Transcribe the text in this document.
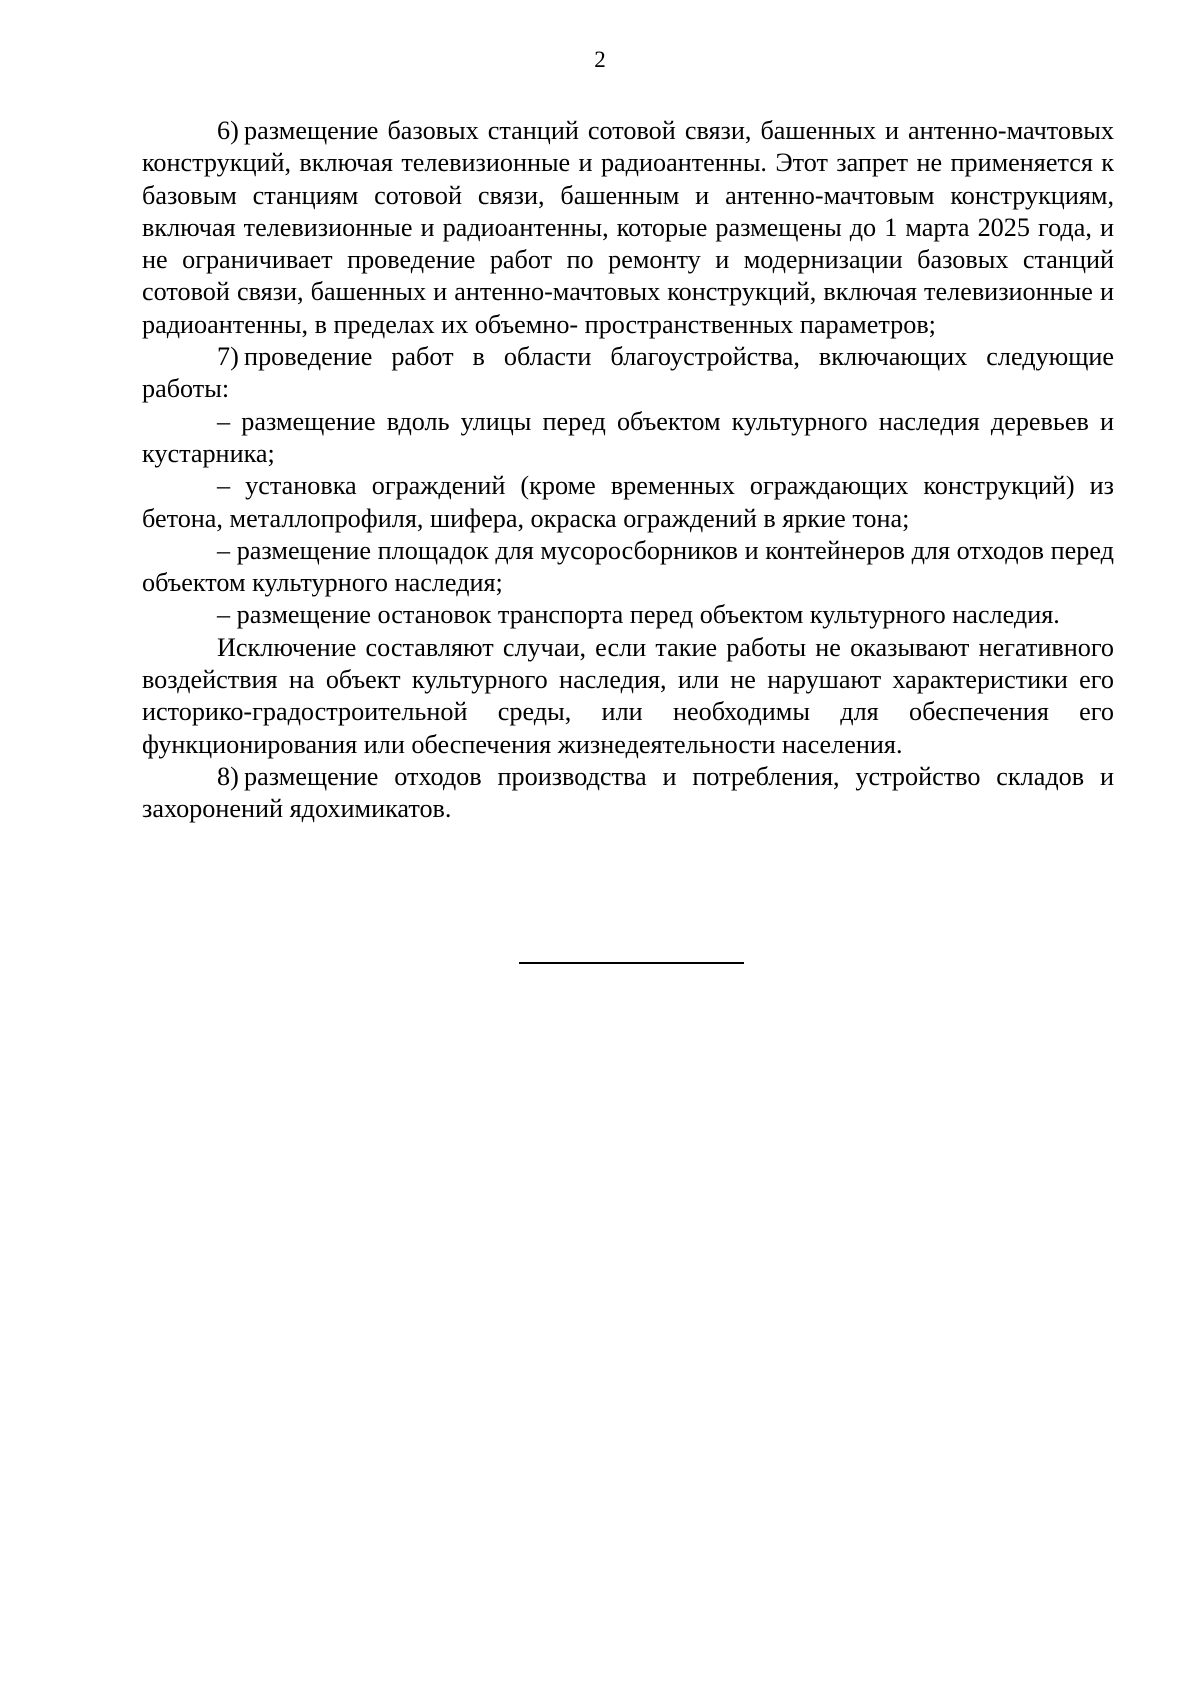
2

6) размещение базовых станций сотовой связи, башенных и антенно-мачтовых конструкций, включая телевизионные и радиоантенны. Этот запрет не применяется к базовым станциям сотовой связи, башенным и антенно-мачтовым конструкциям, включая телевизионные и радиоантенны, которые размещены до 1 марта 2025 года, и не ограничивает проведение работ по ремонту и модернизации базовых станций сотовой связи, башенных и антенно-мачтовых конструкций, включая телевизионные и радиоантенны, в пределах их объемно- пространственных параметров;

7) проведение работ в области благоустройства, включающих следующие работы:

– размещение вдоль улицы перед объектом культурного наследия деревьев и кустарника;

– установка ограждений (кроме временных ограждающих конструкций) из бетона, металлопрофиля, шифера, окраска ограждений в яркие тона;

– размещение площадок для мусоросборников и контейнеров для отходов перед объектом культурного наследия;

– размещение остановок транспорта перед объектом культурного наследия.

Исключение составляют случаи, если такие работы не оказывают негативного воздействия на объект культурного наследия, или не нарушают характеристики его историко-градостроительной среды, или необходимы для обеспечения его функционирования или обеспечения жизнедеятельности населения.

8) размещение отходов производства и потребления, устройство складов и захоронений ядохимикатов.
